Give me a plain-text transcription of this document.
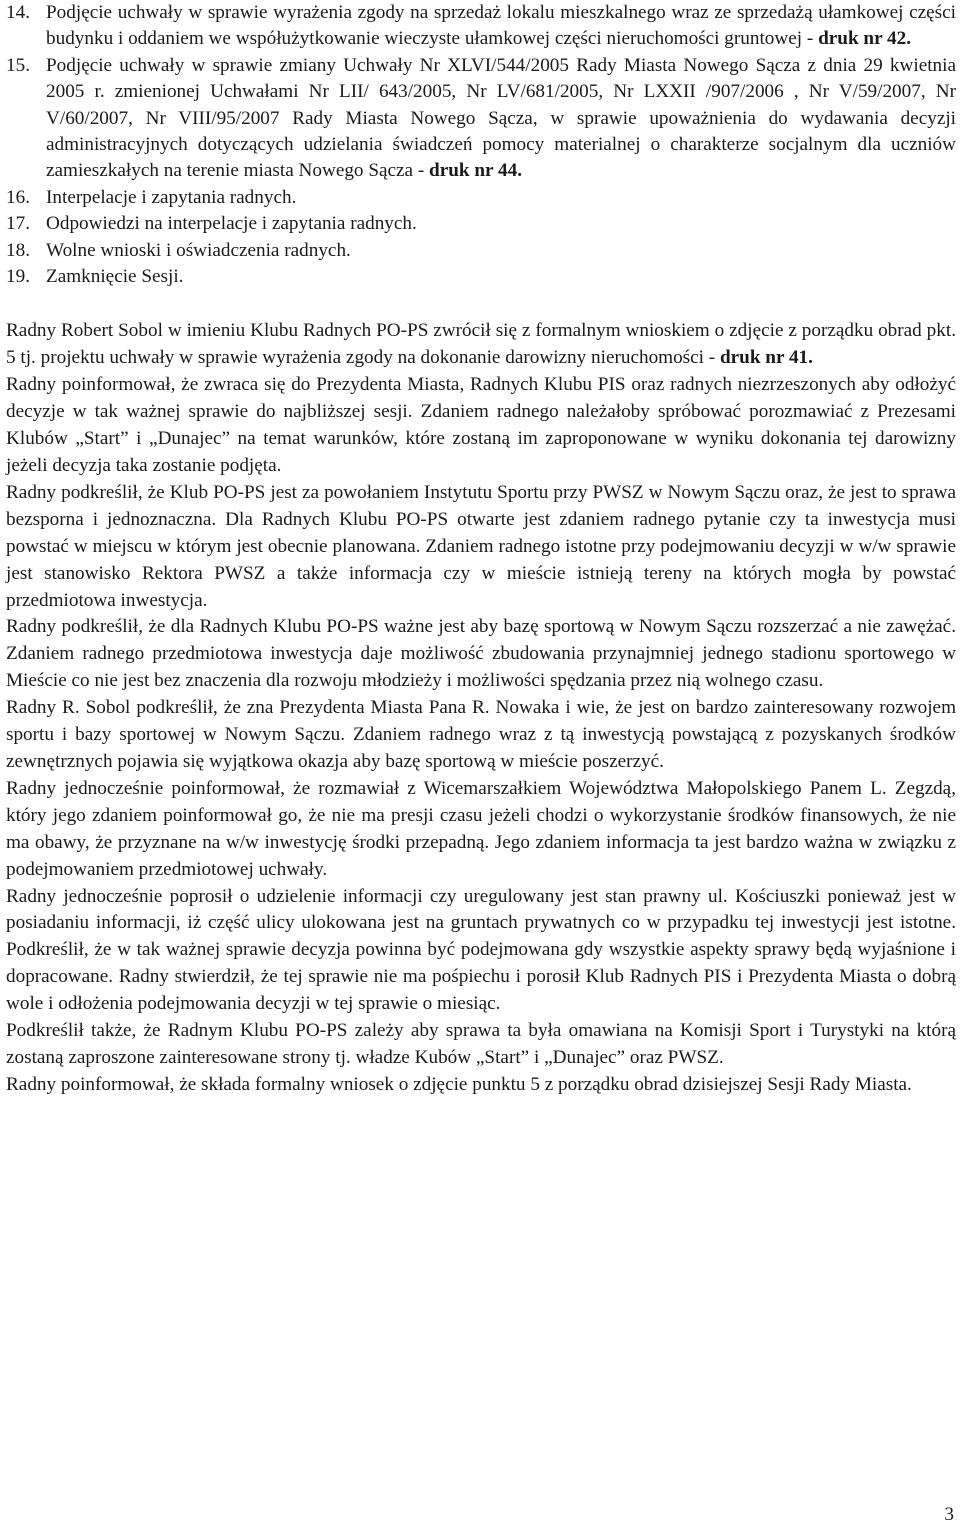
14. Podjęcie uchwały w sprawie wyrażenia zgody na sprzedaż lokalu mieszkalnego wraz ze sprzedażą ułamkowej części budynku i oddaniem we współużytkowanie wieczyste ułamkowej części nieruchomości gruntowej - druk nr 42.
15. Podjęcie uchwały w sprawie zmiany Uchwały Nr XLVI/544/2005 Rady Miasta Nowego Sącza z dnia 29 kwietnia 2005 r. zmienionej Uchwałami Nr LII/ 643/2005, Nr LV/681/2005, Nr LXXII /907/2006 , Nr V/59/2007, Nr V/60/2007, Nr VIII/95/2007 Rady Miasta Nowego Sącza, w sprawie upoważnienia do wydawania decyzji administracyjnych dotyczących udzielania świadczeń pomocy materialnej o charakterze socjalnym dla uczniów zamieszkałych na terenie miasta Nowego Sącza - druk nr 44.
16. Interpelacje i zapytania radnych.
17. Odpowiedzi na interpelacje i zapytania radnych.
18. Wolne wnioski i oświadczenia radnych.
19. Zamknięcie Sesji.

Radny Robert Sobol w imieniu Klubu Radnych PO-PS zwrócił się z formalnym wnioskiem o zdjęcie z porządku obrad pkt. 5 tj. projektu uchwały w sprawie wyrażenia zgody na dokonanie darowizny nieruchomości - druk nr 41.

Radny poinformował, że zwraca się do Prezydenta Miasta, Radnych Klubu PIS oraz radnych niezrzeszonych aby odłożyć decyzje w tak ważnej sprawie do najbliższej sesji. Zdaniem radnego należałoby spróbować porozmawiać z Prezesami Klubów „Start” i „Dunajec” na temat warunków, które zostaną im zaproponowane w wyniku dokonania tej darowizny jeżeli decyzja taka zostanie podjęta.

Radny podkreślił, że Klub PO-PS jest za powołaniem Instytutu Sportu przy PWSZ w Nowym Sączu oraz, że jest to sprawa bezsporna i jednoznaczna. Dla Radnych Klubu PO-PS otwarte jest zdaniem radnego pytanie czy ta inwestycja musi powstać w miejscu w którym jest obecnie planowana. Zdaniem radnego istotne przy podejmowaniu decyzji w w/w sprawie jest stanowisko Rektora PWSZ a także informacja czy w mieście istnieją tereny na których mogła by powstać przedmiotowa inwestycja.

Radny podkreślił, że dla Radnych Klubu PO-PS ważne jest aby bazę sportową w Nowym Sączu rozszerzać a nie zawężać. Zdaniem radnego przedmiotowa inwestycja daje możliwość zbudowania przynajmniej jednego stadionu sportowego w Mieście co nie jest bez znaczenia dla rozwoju młodzieży i możliwości spędzania przez nią wolnego czasu.

Radny R. Sobol podkreślił, że zna Prezydenta Miasta Pana R. Nowaka i wie, że jest on bardzo zainteresowany rozwojem sportu i bazy sportowej w Nowym Sączu. Zdaniem radnego wraz z tą inwestycją powstającą z pozyskanych środków zewnętrznych pojawia się wyjątkowa okazja aby bazę sportową w mieście poszerzyć.

Radny jednocześnie poinformował, że rozmawiał z Wicemarszałkiem Województwa Małopolskiego Panem L. Zegzdą, który jego zdaniem poinformował go, że nie ma presji czasu jeżeli chodzi o wykorzystanie środków finansowych, że nie ma obawy, że przyznane na w/w inwestycję środki przepadną. Jego zdaniem informacja ta jest bardzo ważna w związku z podejmowaniem przedmiotowej uchwały.

Radny jednocześnie poprosił o udzielenie informacji czy uregulowany jest stan prawny ul. Kościuszki ponieważ jest w posiadaniu informacji, iż część ulicy ulokowana jest na gruntach prywatnych co w przypadku tej inwestycji jest istotne. Podkreślił, że w tak ważnej sprawie decyzja powinna być podejmowana gdy wszystkie aspekty sprawy będą wyjaśnione i dopracowane. Radny stwierdził, że tej sprawie nie ma pośpiechu i porosił Klub Radnych PIS i Prezydenta Miasta o dobrą wole i odłożenia podejmowania decyzji w tej sprawie o miesiąc.

Podkreślił także, że Radnym Klubu PO-PS zależy aby sprawa ta była omawiana na Komisji Sport i Turystyki na którą zostaną zaproszone zainteresowane strony tj. władze Kubów „Start” i „Dunajec” oraz PWSZ.

Radny poinformował, że składa formalny wniosek o zdjęcie punktu 5 z porządku obrad dzisiejszej Sesji Rady Miasta.

3
